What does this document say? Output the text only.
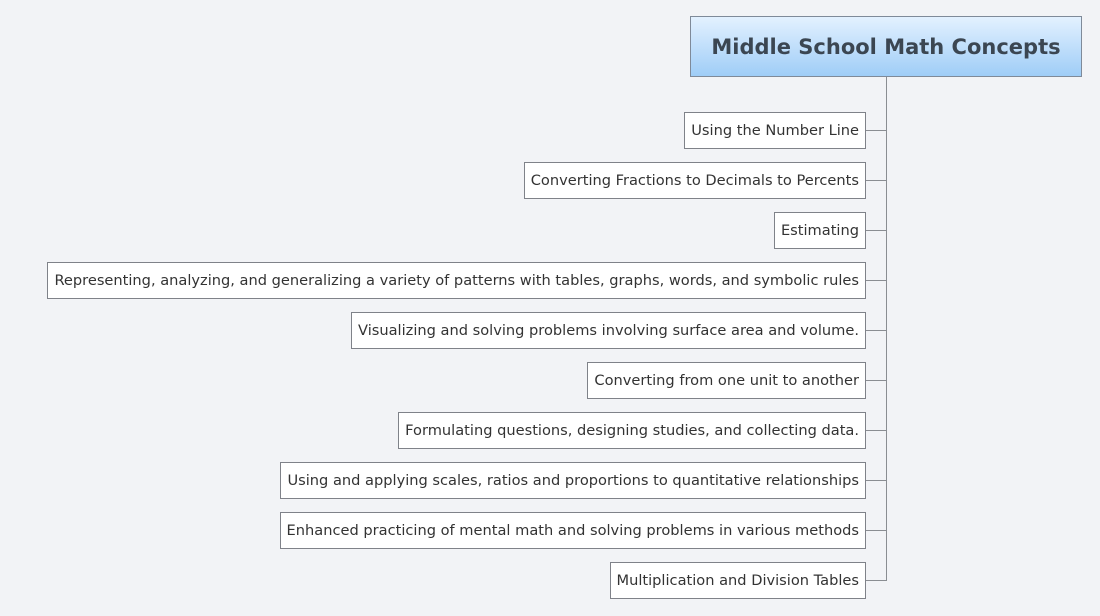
Middle School Math Concepts
Using the Number Line
Converting Fractions to Decimals to Percents
Estimating
Representing, analyzing, and generalizing a variety of patterns with tables, graphs, words, and symbolic rules
Visualizing and solving problems involving surface area and volume.
Converting from one unit to another
Formulating questions, designing studies, and collecting data.
Using and applying scales, ratios and proportions to quantitative relationships
Enhanced practicing of mental math and solving problems in various methods
Multiplication and Division Tables
